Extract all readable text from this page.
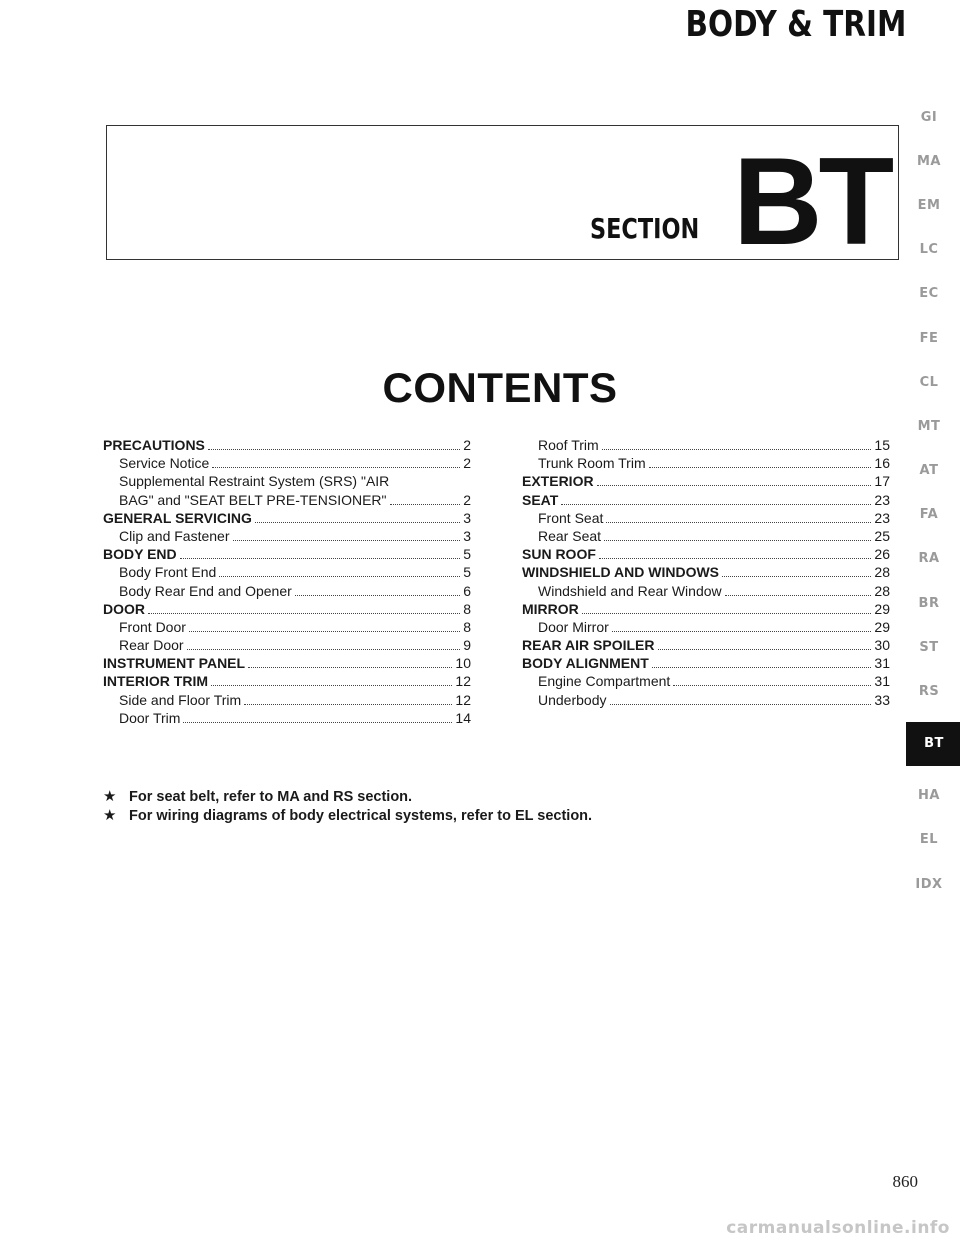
BODY & TRIM
SECTION BT
CONTENTS
PRECAUTIONS	2
Service Notice	2
Supplemental Restraint System (SRS) "AIR
BAG" and "SEAT BELT PRE-TENSIONER"	2
GENERAL SERVICING	3
Clip and Fastener	3
BODY END	5
Body Front End	5
Body Rear End and Opener	6
DOOR	8
Front Door	8
Rear Door	9
INSTRUMENT PANEL	10
INTERIOR TRIM	12
Side and Floor Trim	12
Door Trim	14
Roof Trim	15
Trunk Room Trim	16
EXTERIOR	17
SEAT	23
Front Seat	23
Rear Seat	25
SUN ROOF	26
WINDSHIELD AND WINDOWS	28
Windshield and Rear Window	28
MIRROR	29
Door Mirror	29
REAR AIR SPOILER	30
BODY ALIGNMENT	31
Engine Compartment	31
Underbody	33
★ For seat belt, refer to MA and RS section.
★ For wiring diagrams of body electrical systems, refer to EL section.
GI
MA
EM
LC
EC
FE
CL
MT
AT
FA
RA
BR
ST
RS
BT
HA
EL
IDX
860
carmanualsonline.info
